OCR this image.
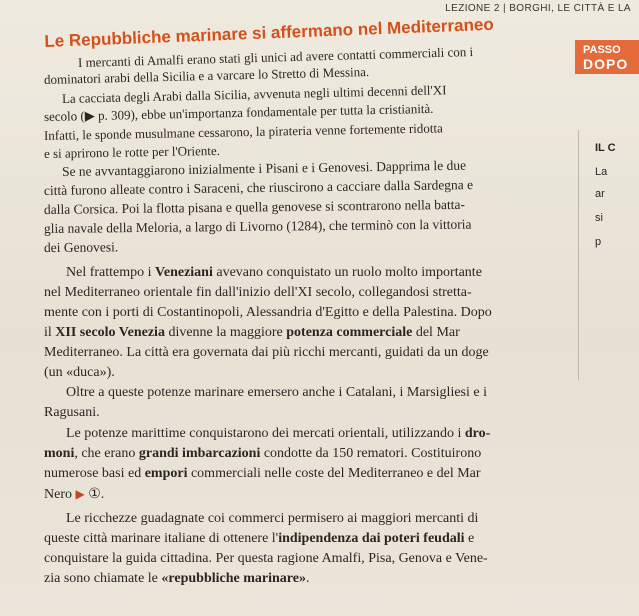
LEZIONE 2 | BORGHI, LE CITTÀ E LA
Le Repubbliche marinare si affermano nel Mediterraneo	PASSO
DOPO
IL C
La
ar
si
p
I mercanti di Amalfi erano stati gli unici ad avere contatti commerciali con i
dominatori arabi della Sicilia e a varcare lo Stretto di Messina.
La cacciata degli Arabi dalla Sicilia, avvenuta negli ultimi decenni dell'XI
secolo (▶ p. 309), ebbe un'importanza fondamentale per tutta la cristianità.
Infatti, le sponde musulmane cessarono, la pirateria venne fortemente ridotta
e si aprirono le rotte per l'Oriente.
Se ne avvantaggiarono inizialmente i Pisani e i Genovesi. Dapprima le due
città furono alleate contro i Saraceni, che riuscirono a cacciare dalla Sardegna e
dalla Corsica. Poi la flotta pisana e quella genovese si scontrarono nella batta-
glia navale della Meloria, a largo di Livorno (1284), che terminò con la vittoria
dei Genovesi.
Nel frattempo i Veneziani avevano conquistato un ruolo molto importante
nel Mediterraneo orientale fin dall'inizio dell'XI secolo, collegandosi stretta-
mente con i porti di Costantinopoli, Alessandria d'Egitto e della Palestina. Dopo
il XII secolo Venezia divenne la maggiore potenza commerciale del Mar
Mediterraneo. La città era governata dai più ricchi mercanti, guidati da un doge
(un «duca»).
Oltre a queste potenze marinare emersero anche i Catalani, i Marsigliesi e i
Ragusani.
Le potenze marittime conquistarono dei mercati orientali, utilizzando i dro-
moni, che erano grandi imbarcazioni condotte da 150 rematori. Costituirono
numerose basi ed empori commerciali nelle coste del Mediterraneo e del Mar
Nero ▶ ①.
Le ricchezze guadagnate coi commerci permisero ai maggiori mercanti di
queste città marinare italiane di ottenere l'indipendenza dai poteri feudali e
conquistare la guida cittadina. Per questa ragione Amalfi, Pisa, Genova e Vene-
zia sono chiamate le «repubbliche marinare».
